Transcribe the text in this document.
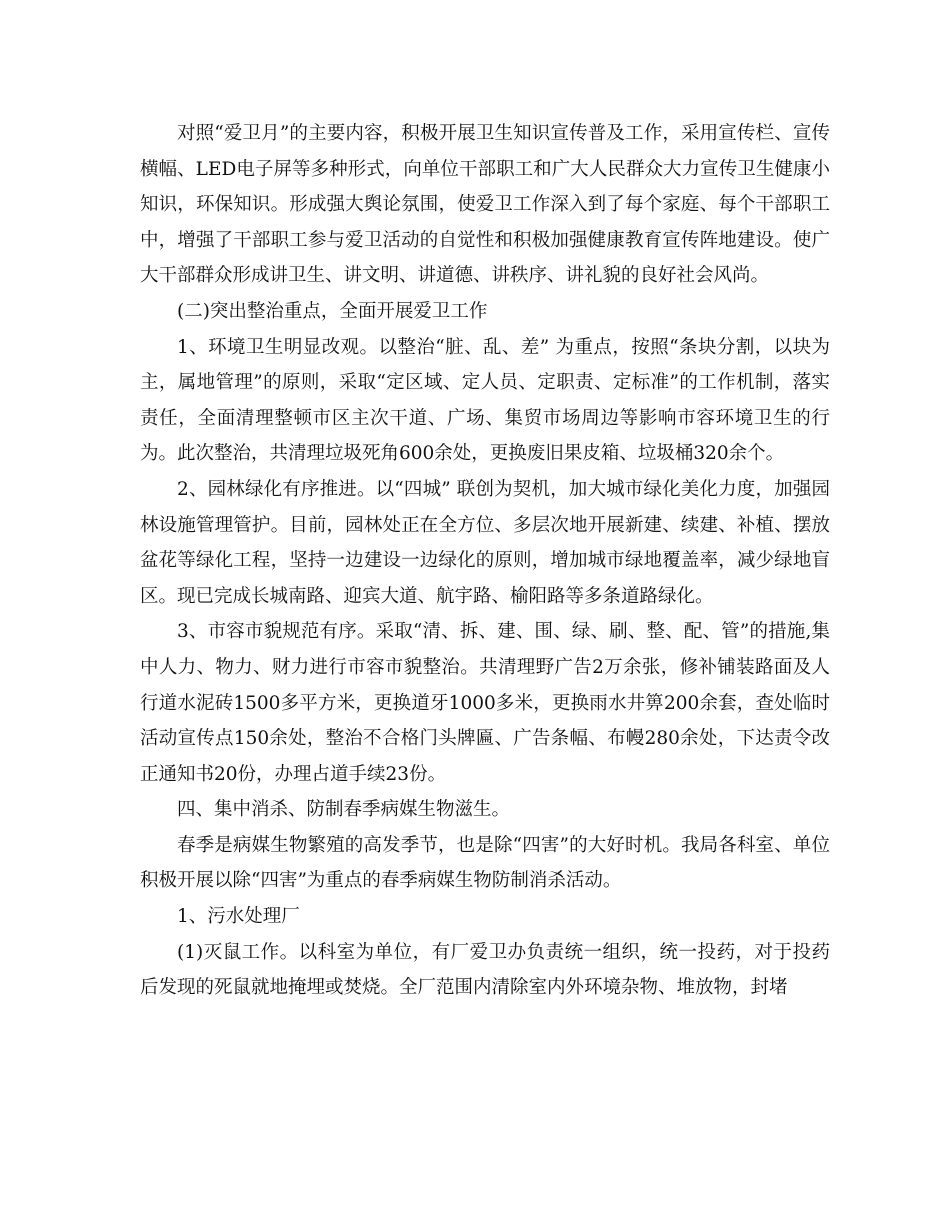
对照“爱卫月”的主要内容，积极开展卫生知识宣传普及工作，采用宣传栏、宣传横幅、LED电子屏等多种形式，向单位干部职工和广大人民群众大力宣传卫生健康小知识，环保知识。形成强大舆论氛围，使爱卫工作深入到了每个家庭、每个干部职工中，增强了干部职工参与爱卫活动的自觉性和积极加强健康教育宣传阵地建设。使广大干部群众形成讲卫生、讲文明、讲道德、讲秩序、讲礼貌的良好社会风尚。

(二)突出整治重点，全面开展爱卫工作

1、环境卫生明显改观。以整治“脏、乱、差” 为重点，按照“条块分割，以块为主，属地管理”的原则，采取“定区域、定人员、定职责、定标准”的工作机制，落实责任，全面清理整顿市区主次干道、广场、集贸市场周边等影响市容环境卫生的行为。此次整治，共清理垃圾死角600余处，更换废旧果皮箱、垃圾桶320余个。

2、园林绿化有序推进。以“四城” 联创为契机，加大城市绿化美化力度，加强园林设施管理管护。目前，园林处正在全方位、多层次地开展新建、续建、补植、摆放盆花等绿化工程，坚持一边建设一边绿化的原则，增加城市绿地覆盖率，减少绿地盲区。现已完成长城南路、迎宾大道、航宇路、榆阳路等多条道路绿化。

3、市容市貌规范有序。采取“清、拆、建、围、绿、刷、整、配、管”的措施,集中人力、物力、财力进行市容市貌整治。共清理野广告2万余张，修补铺装路面及人行道水泥砖1500多平方米，更换道牙1000多米，更换雨水井箅200余套，查处临时活动宣传点150余处，整治不合格门头牌匾、广告条幅、布幔280余处，下达责令改正通知书20份，办理占道手续23份。

四、集中消杀、防制春季病媒生物滋生。

春季是病媒生物繁殖的高发季节，也是除“四害”的大好时机。我局各科室、单位积极开展以除“四害”为重点的春季病媒生物防制消杀活动。

1、污水处理厂

(1)灭鼠工作。以科室为单位，有厂爱卫办负责统一组织，统一投药，对于投药后发现的死鼠就地掩埋或焚烧。全厂范围内清除室内外环境杂物、堆放物，封堵
